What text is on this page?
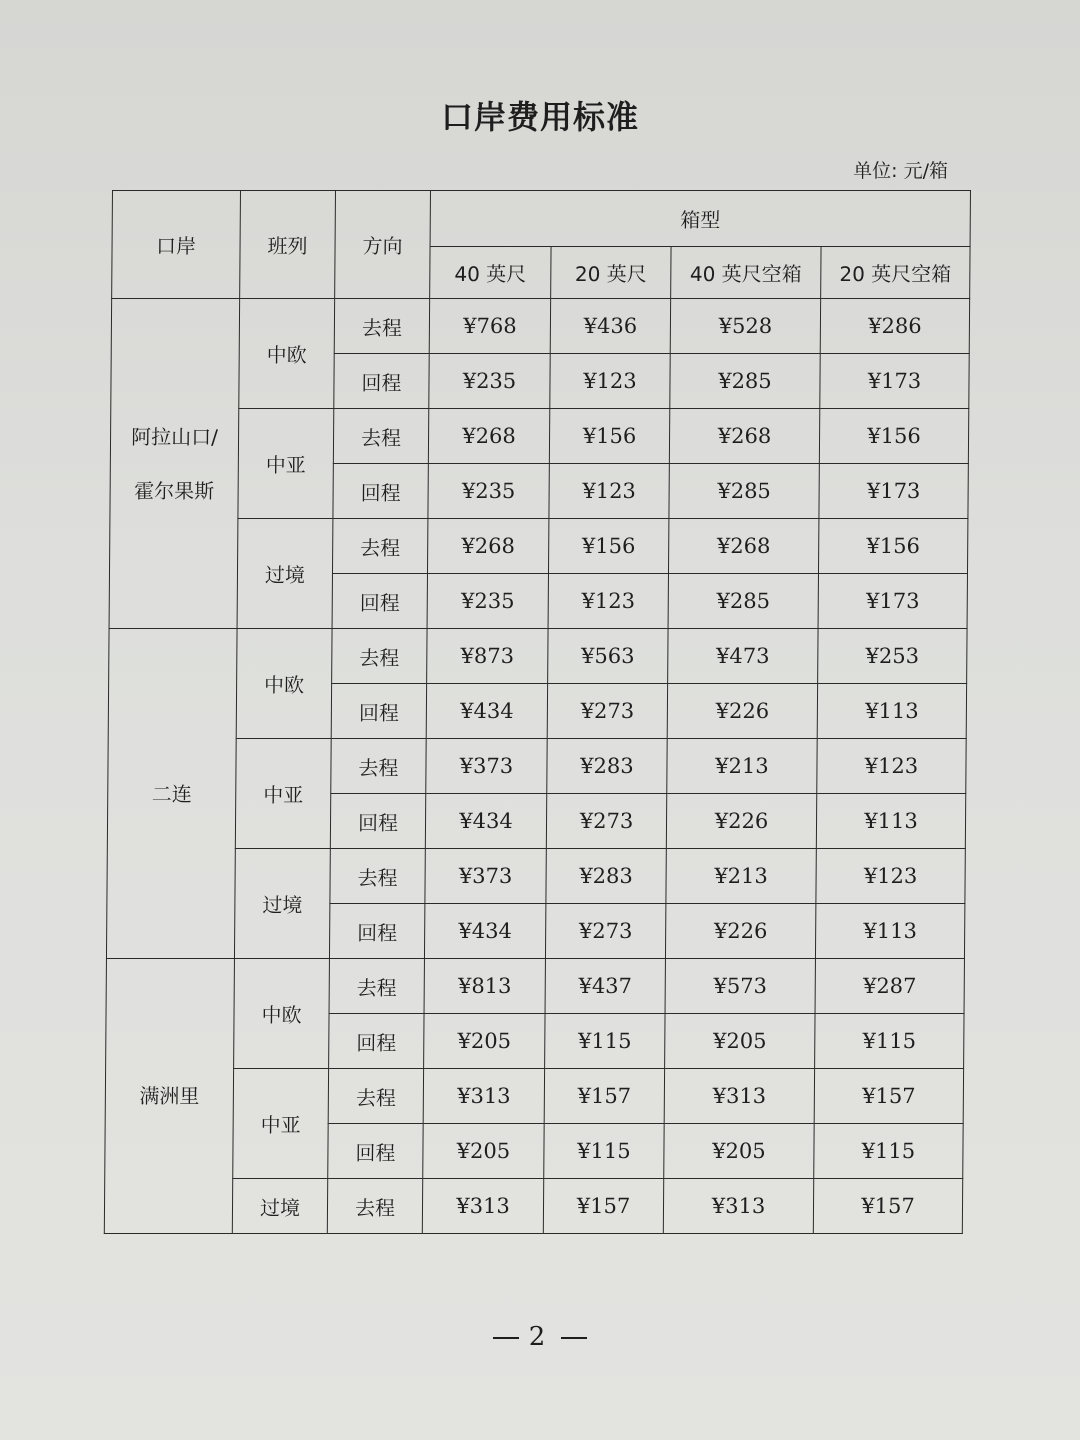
口岸费用标准
单位: 元/箱
口岸	班列	方向	箱型			
			40 英尺	20 英尺	40 英尺空箱	20 英尺空箱

阿拉山口/
霍尔果斯	中欧	去程	¥768	¥436	¥528	¥286
		回程	¥235	¥123	¥285	¥173
	中亚	去程	¥268	¥156	¥268	¥156
		回程	¥235	¥123	¥285	¥173
	过境	去程	¥268	¥156	¥268	¥156
		回程	¥235	¥123	¥285	¥173

二连	中欧	去程	¥873	¥563	¥473	¥253
		回程	¥434	¥273	¥226	¥113
	中亚	去程	¥373	¥283	¥213	¥123
		回程	¥434	¥273	¥226	¥113
	过境	去程	¥373	¥283	¥213	¥123
		回程	¥434	¥273	¥226	¥113

满洲里	中欧	去程	¥813	¥437	¥573	¥287
		回程	¥205	¥115	¥205	¥115
	中亚	去程	¥313	¥157	¥313	¥157
		回程	¥205	¥115	¥205	¥115
	过境	去程	¥313	¥157	¥313	¥157
2
